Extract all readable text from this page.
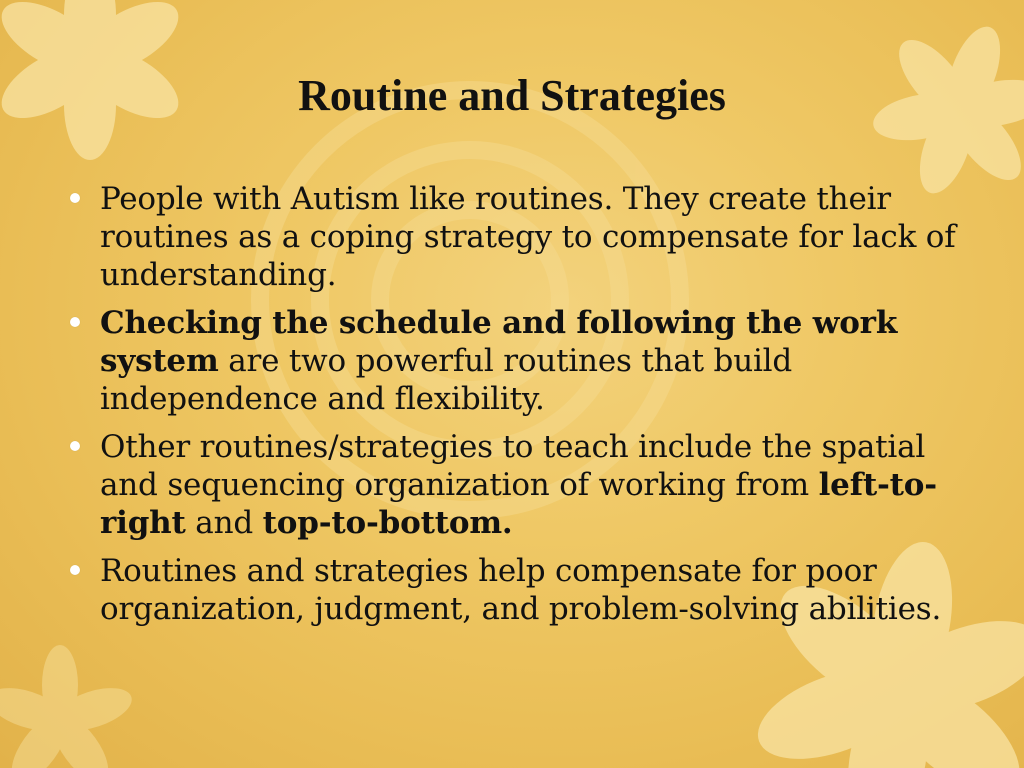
Routine and Strategies
People with Autism like routines. They create their routines as a coping strategy to compensate for lack of understanding.
Checking the schedule and following the work system are two powerful routines that build independence and flexibility.
Other routines/strategies to teach include the spatial and sequencing organization of working from left-to-right and top-to-bottom.
Routines and strategies help compensate for poor organization, judgment, and problem-solving abilities.
